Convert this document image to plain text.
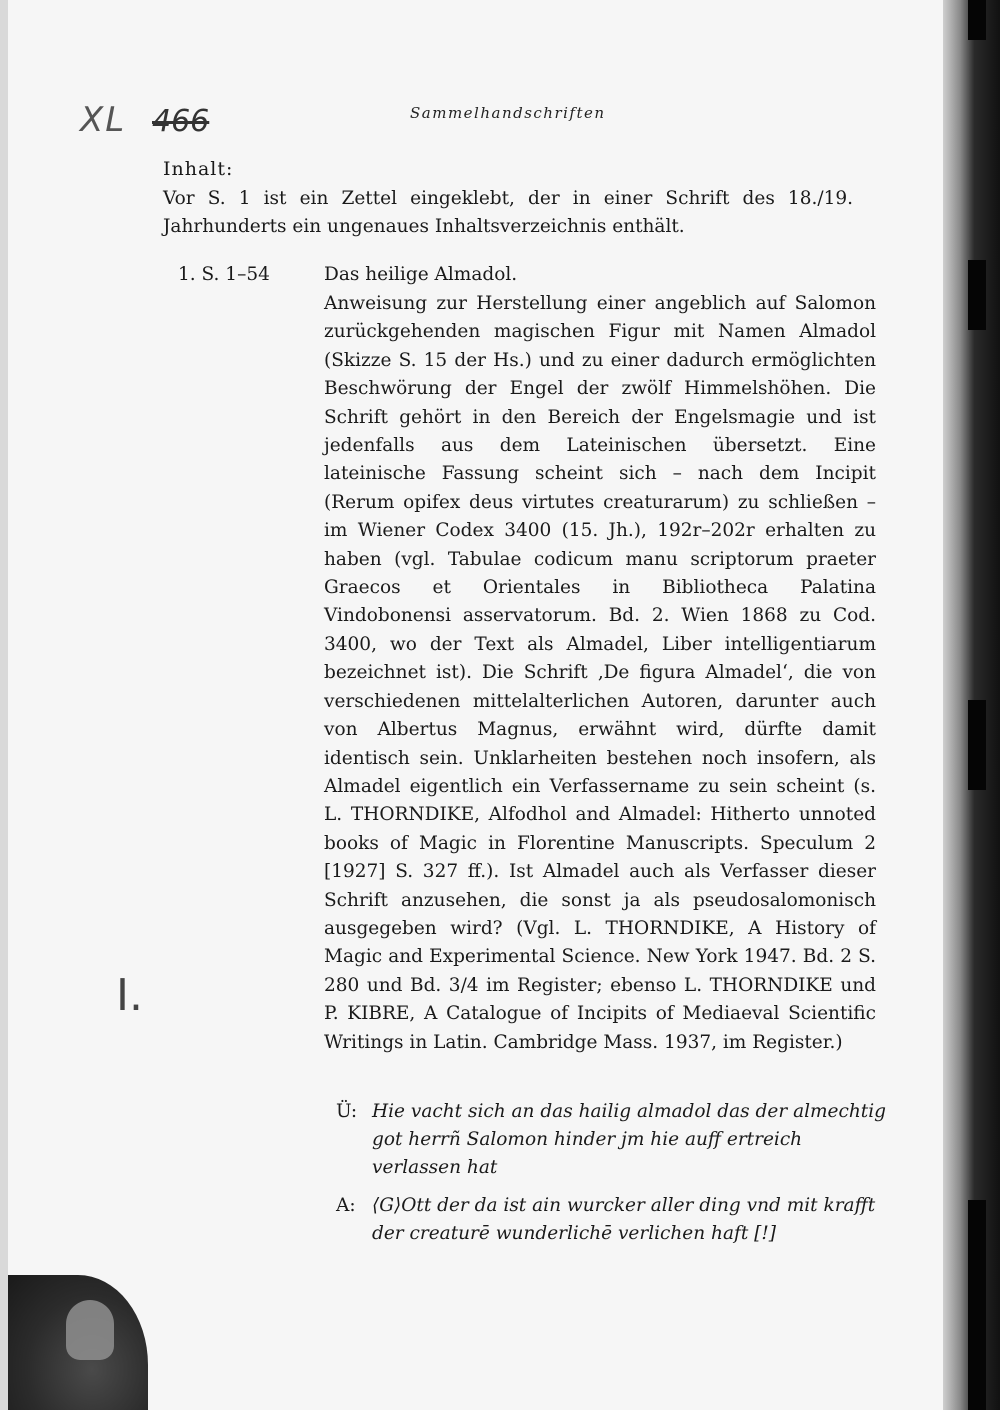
XL 466
I.
Sammelhandschriften
Inhalt:
Vor S. 1 ist ein Zettel eingeklebt, der in einer Schrift des 18./19. Jahrhunderts ein ungenaues Inhaltsverzeichnis enthält.
1. S. 1–54	Das heilige Almadol.

Anweisung zur Herstellung einer angeblich auf Salomon zurückgehenden magischen Figur mit Namen Almadol (Skizze S. 15 der Hs.) und zu einer dadurch ermöglichten Beschwörung der Engel der zwölf Himmelshöhen. Die Schrift gehört in den Bereich der Engelsmagie und ist jedenfalls aus dem Lateinischen übersetzt. Eine lateinische Fassung scheint sich – nach dem Incipit (Rerum opifex deus virtutes creaturarum) zu schließen – im Wiener Codex 3400 (15. Jh.), 192r–202r erhalten zu haben (vgl. Tabulae codicum manu scriptorum praeter Graecos et Orientales in Bibliotheca Palatina Vindobonensi asservatorum. Bd. 2. Wien 1868 zu Cod. 3400, wo der Text als Almadel, Liber intelligentiarum bezeichnet ist). Die Schrift ‚De figura Almadel‘, die von verschiedenen mittelalterlichen Autoren, darunter auch von Albertus Magnus, erwähnt wird, dürfte damit identisch sein. Unklarheiten bestehen noch insofern, als Almadel eigentlich ein Verfassername zu sein scheint (s. L. THORNDIKE, Alfodhol and Almadel: Hitherto unnoted books of Magic in Florentine Manuscripts. Speculum 2 [1927] S. 327 ff.). Ist Almadel auch als Verfasser dieser Schrift anzusehen, die sonst ja als pseudosalomonisch ausgegeben wird? (Vgl. L. THORNDIKE, A History of Magic and Experimental Science. New York 1947. Bd. 2 S. 280 und Bd. 3/4 im Register; ebenso L. THORNDIKE und P. KIBRE, A Catalogue of Incipits of Mediaeval Scientific Writings in Latin. Cambridge Mass. 1937, im Register.)

Ü: Hie vacht sich an das hailig almadol das der almechtig got herrñ Salomon hinder jm hie auff ertreich verlassen hat
A: ⟨G⟩Ott der da ist ain wurcker aller ding vnd mit krafft der creaturē wunderlichē verlichen haft [!]
